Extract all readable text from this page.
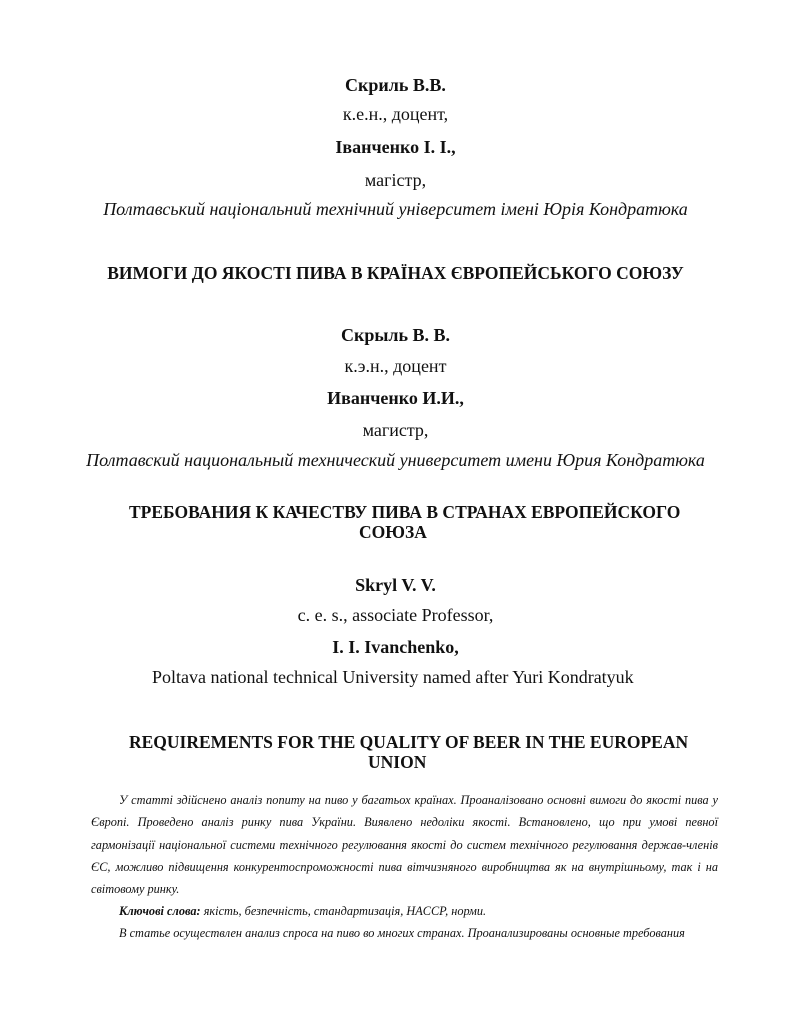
Скриль В.В.
к.е.н., доцент,
Іванченко І. І.,
магістр,
Полтавський національний технічний університет імені Юрія Кондратюка
ВИМОГИ ДО ЯКОСТІ ПИВА В КРАЇНАХ ЄВРОПЕЙСЬКОГО СОЮЗУ
Скрыль В. В.
к.э.н., доцент
Иванченко И.И.,
магистр,
Полтавский национальный технический университет имени Юрия Кондратюка
ТРЕБОВАНИЯ К КАЧЕСТВУ ПИВА В СТРАНАХ ЕВРОПЕЙСКОГО
СОЮЗА
Skryl V. V.
c. e. s., associate Professor,
I. I. Ivanchenko,
Poltava national technical University named after Yuri Kondratyuk
REQUIREMENTS FOR THE QUALITY OF BEER IN THE EUROPEAN
UNION
У статті здійснено аналіз попиту на пиво у багатьох країнах. Проаналізовано основні вимоги до якості пива у Європі. Проведено аналіз ринку пива України. Виявлено недоліки якості. Встановлено, що при умові певної гармонізації національної системи технічного регулювання якості до систем технічного регулювання держав-членів ЄС, можливо підвищення конкурентоспроможності пива вітчизняного виробництва як на внутрішньому, так і на світовому ринку.
Ключові слова: якість, безпечність, стандартизація, HACCP, норми.
В статье осуществлен анализ спроса на пиво во многих странах. Проанализированы основные требования
